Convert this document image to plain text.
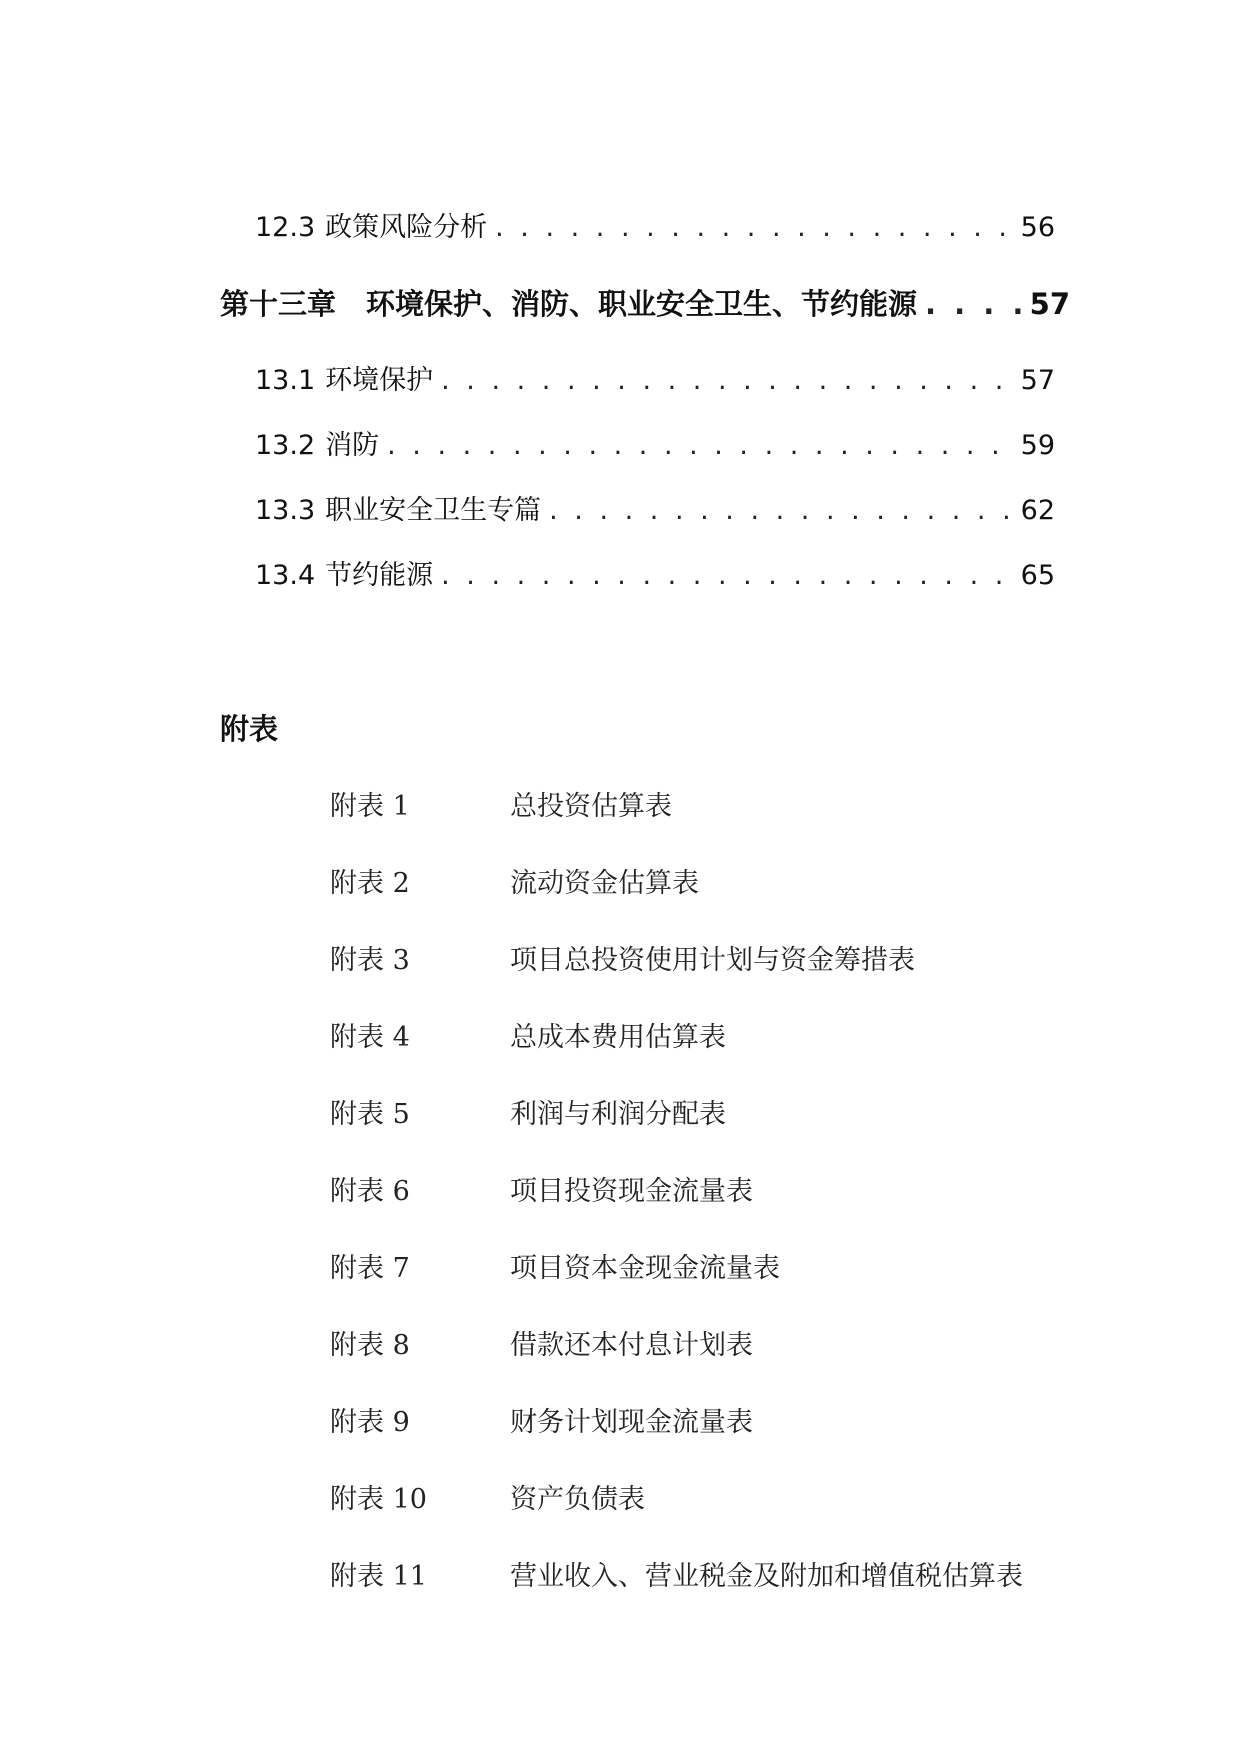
12.3 政策风险分析 . . .	56
第十三章 环境保护、消防、职业安全卫生、节约能源 . . .	57
13.1 环境保护 . . .	57
13.2 消防 . . .	59
13.3 职业安全卫生专篇 . . .	62
13.4 节约能源 . . .	65
附表
附表 1	总投资估算表
附表 2	流动资金估算表
附表 3	项目总投资使用计划与资金筹措表
附表 4	总成本费用估算表
附表 5	利润与利润分配表
附表 6	项目投资现金流量表
附表 7	项目资本金现金流量表
附表 8	借款还本付息计划表
附表 9	财务计划现金流量表
附表 10	资产负债表
附表 11	营业收入、营业税金及附加和增值税估算表
